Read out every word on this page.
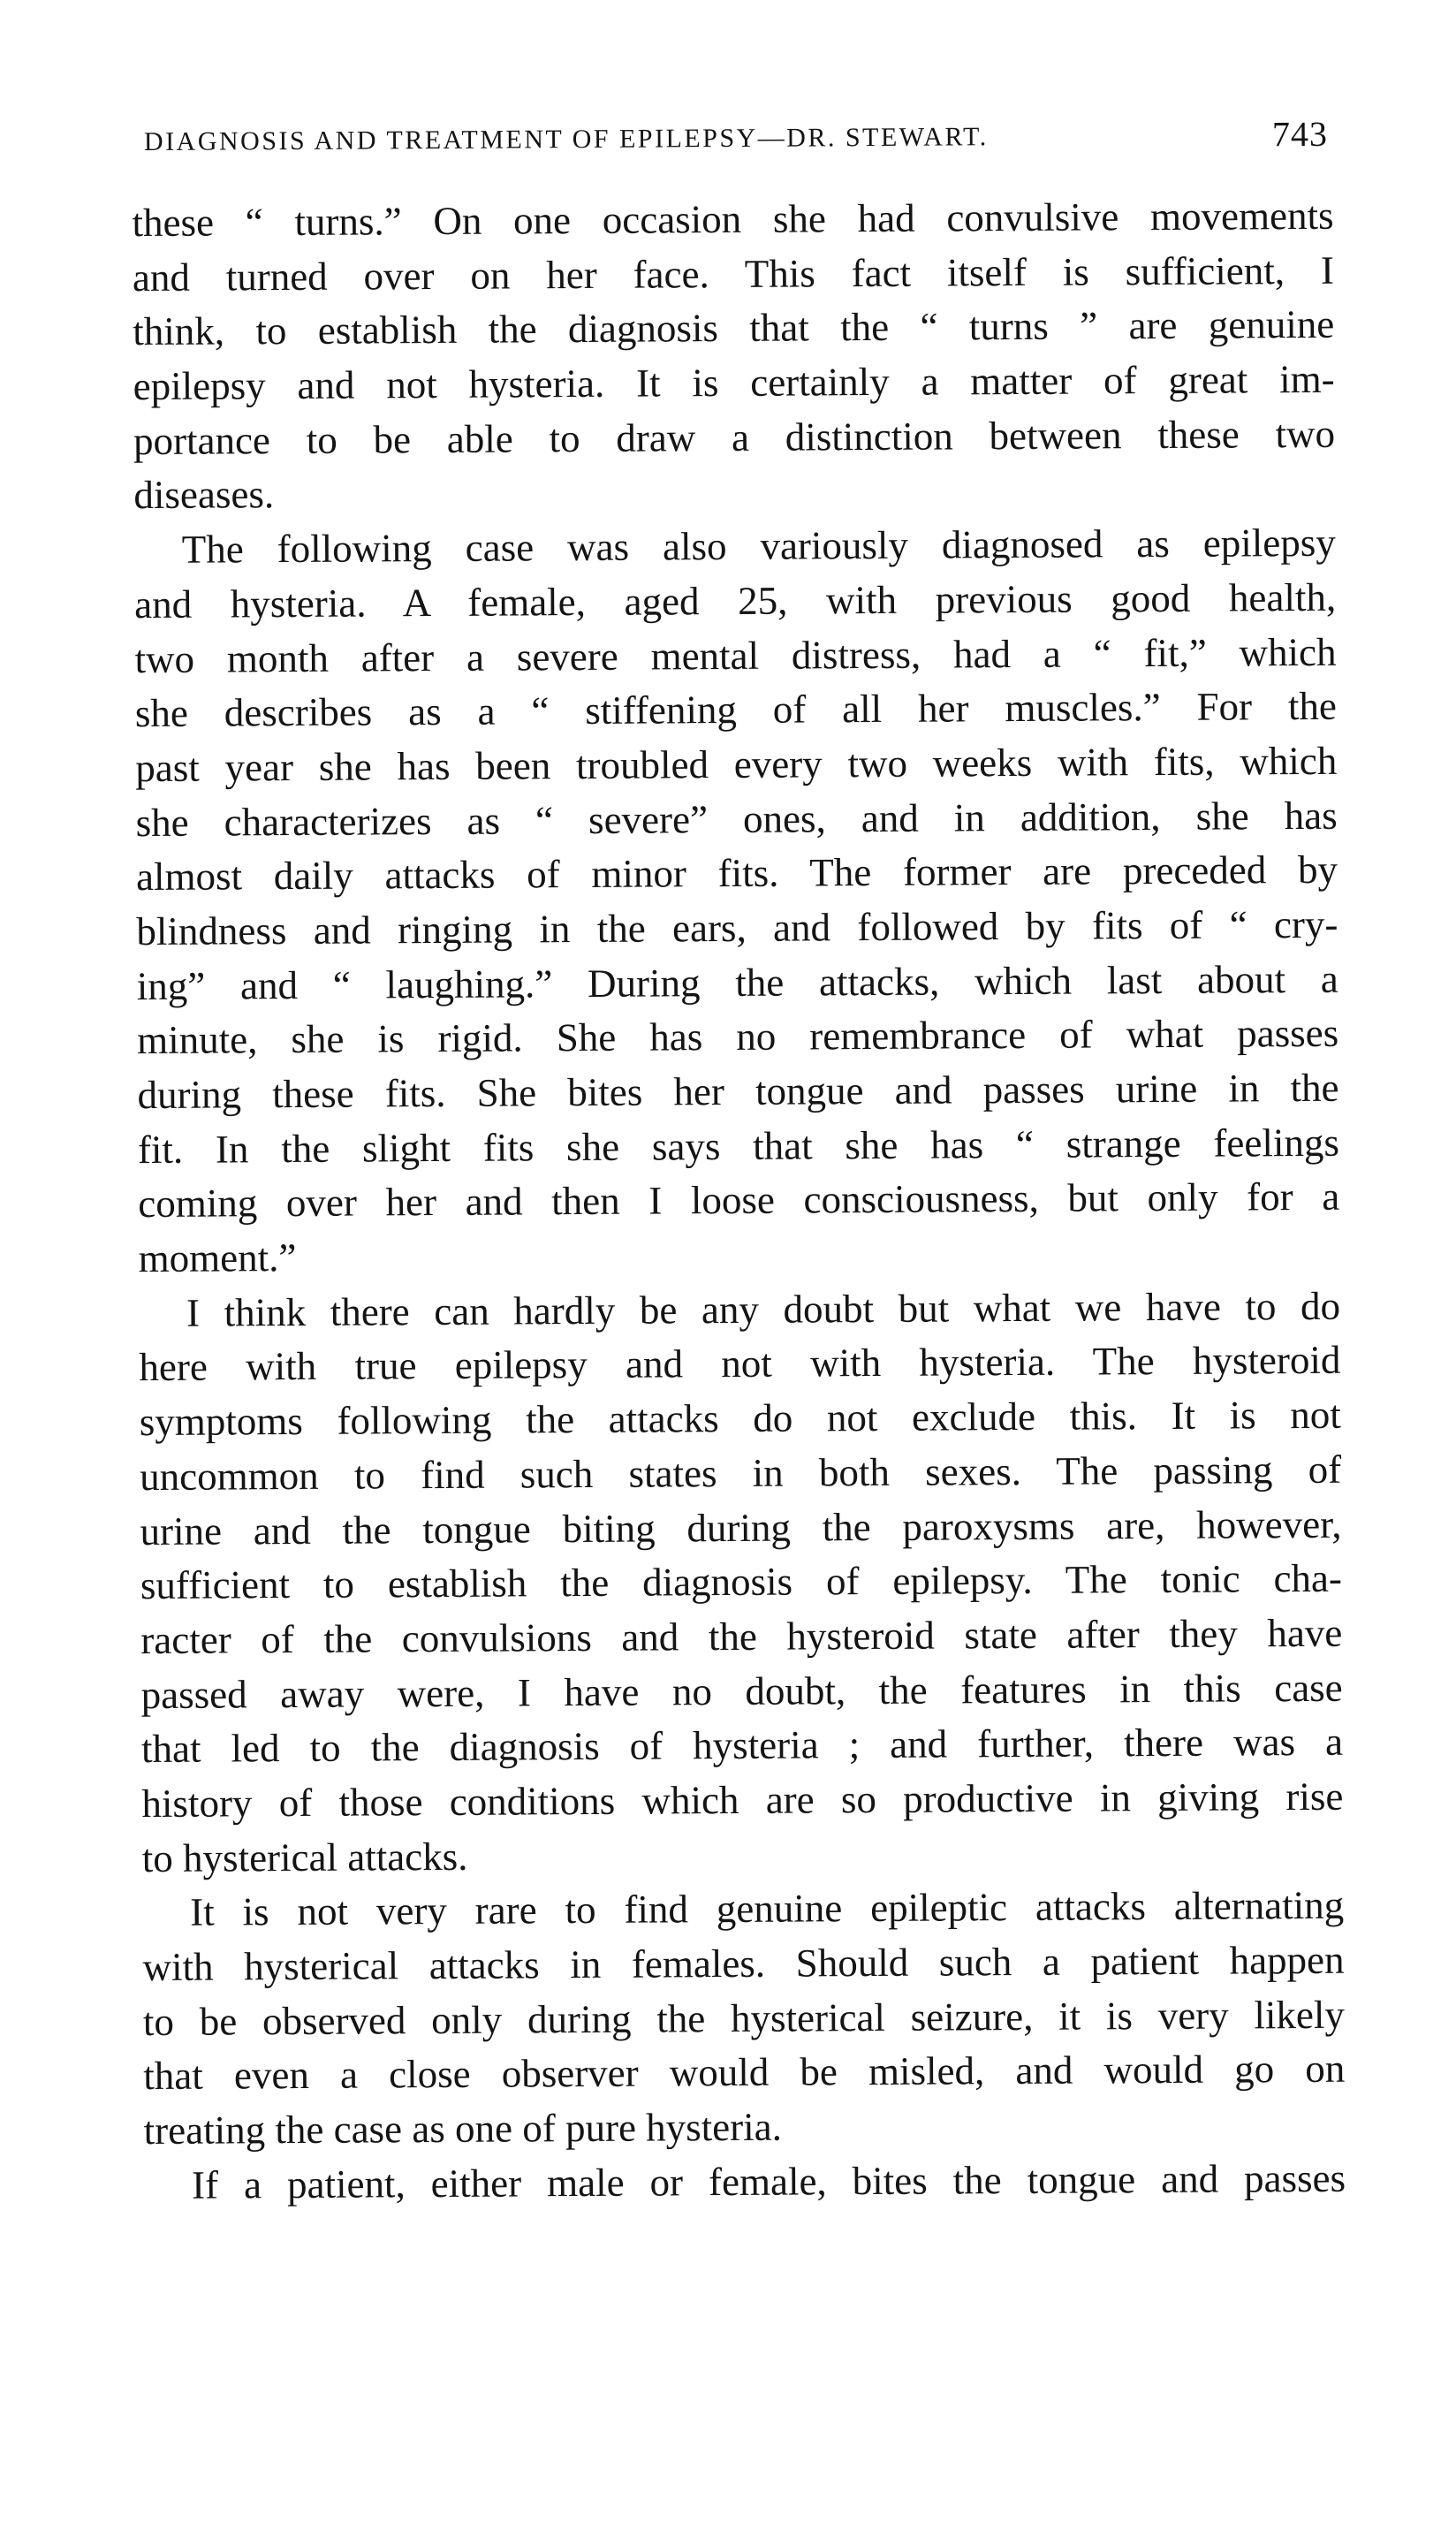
DIAGNOSIS AND TREATMENT OF EPILEPSY—DR. STEWART.	743
these “ turns.” On one occasion she had convulsive movements
and turned over on her face. This fact itself is sufficient, I
think, to establish the diagnosis that the “ turns ” are genuine
epilepsy and not hysteria. It is certainly a matter of great im-
portance to be able to draw a distinction between these two
diseases.
The following case was also variously diagnosed as epilepsy
and hysteria. A female, aged 25, with previous good health,
two month after a severe mental distress, had a “ fit,” which
she describes as a “ stiffening of all her muscles.” For the
past year she has been troubled every two weeks with fits, which
she characterizes as “ severe” ones, and in addition, she has
almost daily attacks of minor fits. The former are preceded by
blindness and ringing in the ears, and followed by fits of “ cry-
ing” and “ laughing.” During the attacks, which last about a
minute, she is rigid. She has no remembrance of what passes
during these fits. She bites her tongue and passes urine in the
fit. In the slight fits she says that she has “ strange feelings
coming over her and then I loose consciousness, but only for a
moment.”
I think there can hardly be any doubt but what we have to do
here with true epilepsy and not with hysteria. The hysteroid
symptoms following the attacks do not exclude this. It is not
uncommon to find such states in both sexes. The passing of
urine and the tongue biting during the paroxysms are, however,
sufficient to establish the diagnosis of epilepsy. The tonic cha-
racter of the convulsions and the hysteroid state after they have
passed away were, I have no doubt, the features in this case
that led to the diagnosis of hysteria ; and further, there was a
history of those conditions which are so productive in giving rise
to hysterical attacks.
It is not very rare to find genuine epileptic attacks alternating
with hysterical attacks in females. Should such a patient happen
to be observed only during the hysterical seizure, it is very likely
that even a close observer would be misled, and would go on
treating the case as one of pure hysteria.
If a patient, either male or female, bites the tongue and passes
